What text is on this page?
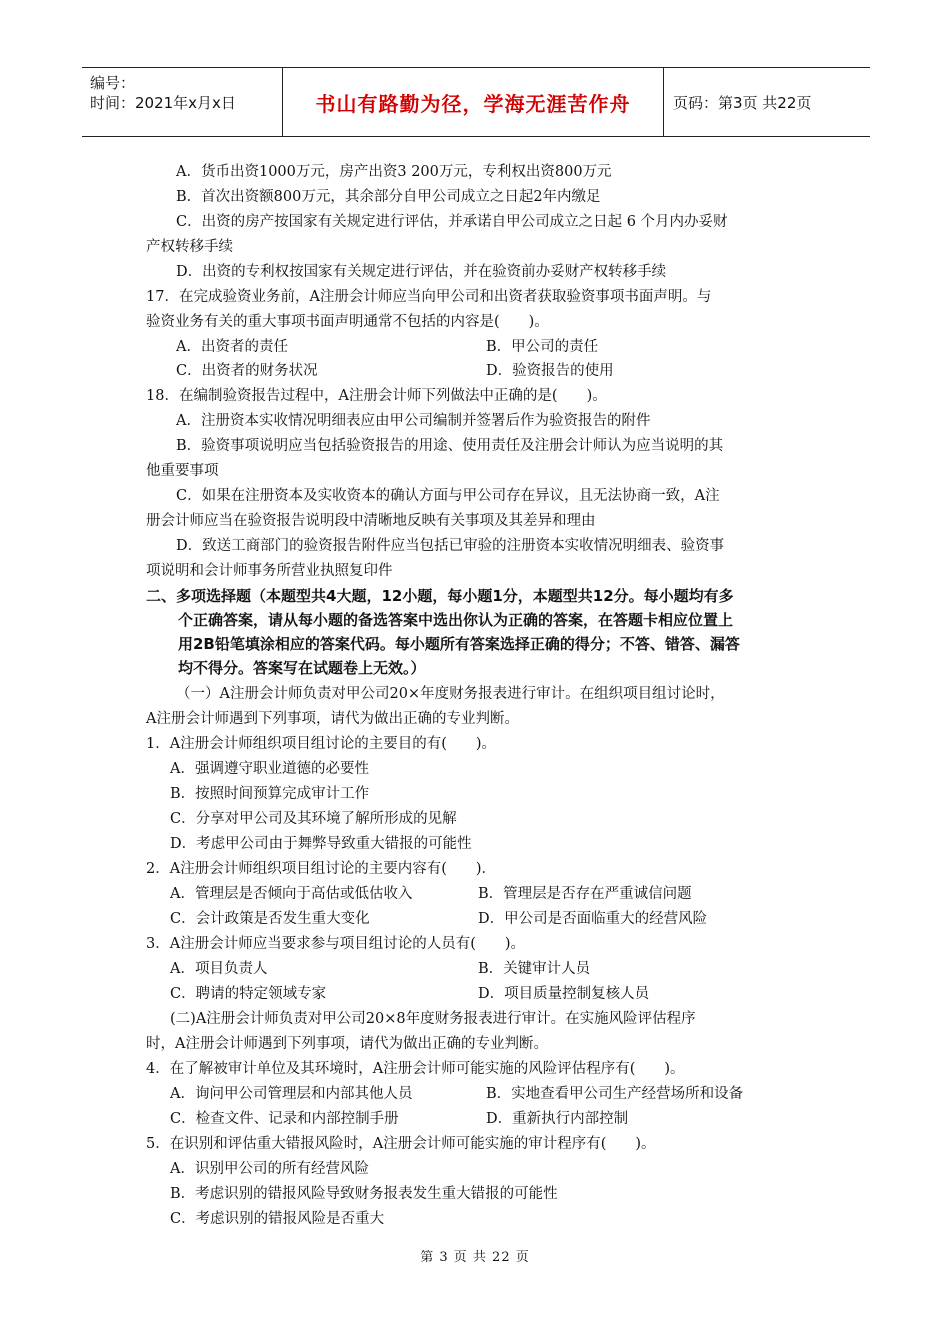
编号：
时间：2021年x月x日	书山有路勤为径，学海无涯苦作舟	页码：第3页 共22页
A．货币出资1000万元，房产出资3 200万元，专利权出资800万元
B．首次出资额800万元，其余部分自甲公司成立之日起2年内缴足
C．出资的房产按国家有关规定进行评估，并承诺自甲公司成立之日起 6 个月内办妥财
产权转移手续
D．出资的专利权按国家有关规定进行评估，并在验资前办妥财产权转移手续
17．在完成验资业务前，A注册会计师应当向甲公司和出资者获取验资事项书面声明。与
验资业务有关的重大事项书面声明通常不包括的内容是(　　)。
A．出资者的责任	B．甲公司的责任
C．出资者的财务状况	D．验资报告的使用
18．在编制验资报告过程中，A注册会计师下列做法中正确的是(　　)。
A．注册资本实收情况明细表应由甲公司编制并签署后作为验资报告的附件
B．验资事项说明应当包括验资报告的用途、使用责任及注册会计师认为应当说明的其
他重要事项
C．如果在注册资本及实收资本的确认方面与甲公司存在异议，且无法协商一致，A注
册会计师应当在验资报告说明段中清晰地反映有关事项及其差异和理由
D．致送工商部门的验资报告附件应当包括已审验的注册资本实收情况明细表、验资事
项说明和会计师事务所营业执照复印件
二、多项选择题（本题型共4大题，12小题，每小题1分，本题型共12分。每小题均有多
个正确答案，请从每小题的备选答案中选出你认为正确的答案，在答题卡相应位置上
用2B铅笔填涂相应的答案代码。每小题所有答案选择正确的得分；不答、错答、漏答
均不得分。答案写在试题卷上无效。）
（一）A注册会计师负责对甲公司20×年度财务报表进行审计。在组织项目组讨论时，
A注册会计师遇到下列事项，请代为做出正确的专业判断。
1．A注册会计师组织项目组讨论的主要目的有(　　)。
A．强调遵守职业道德的必要性
B．按照时间预算完成审计工作
C．分享对甲公司及其环境了解所形成的见解
D．考虑甲公司由于舞弊导致重大错报的可能性
2．A注册会计师组织项目组讨论的主要内容有(　　)．
A．管理层是否倾向于高估或低估收入	B．管理层是否存在严重诚信问题
C．会计政策是否发生重大变化	D．甲公司是否面临重大的经营风险
3．A注册会计师应当要求参与项目组讨论的人员有(　　)。
A．项目负责人	B．关键审计人员
C．聘请的特定领域专家	D．项目质量控制复核人员
(二)A注册会计师负责对甲公司20×8年度财务报表进行审计。在实施风险评估程序
时，A注册会计师遇到下列事项，请代为做出正确的专业判断。
4．在了解被审计单位及其环境时，A注册会计师可能实施的风险评估程序有(　　)。
A．询问甲公司管理层和内部其他人员	B．实地查看甲公司生产经营场所和设备
C．检查文件、记录和内部控制手册	D．重新执行内部控制
5．在识别和评估重大错报风险时，A注册会计师可能实施的审计程序有(　　)。
A．识别甲公司的所有经营风险
B．考虑识别的错报风险导致财务报表发生重大错报的可能性
C．考虑识别的错报风险是否重大
第 3 页 共 22 页
